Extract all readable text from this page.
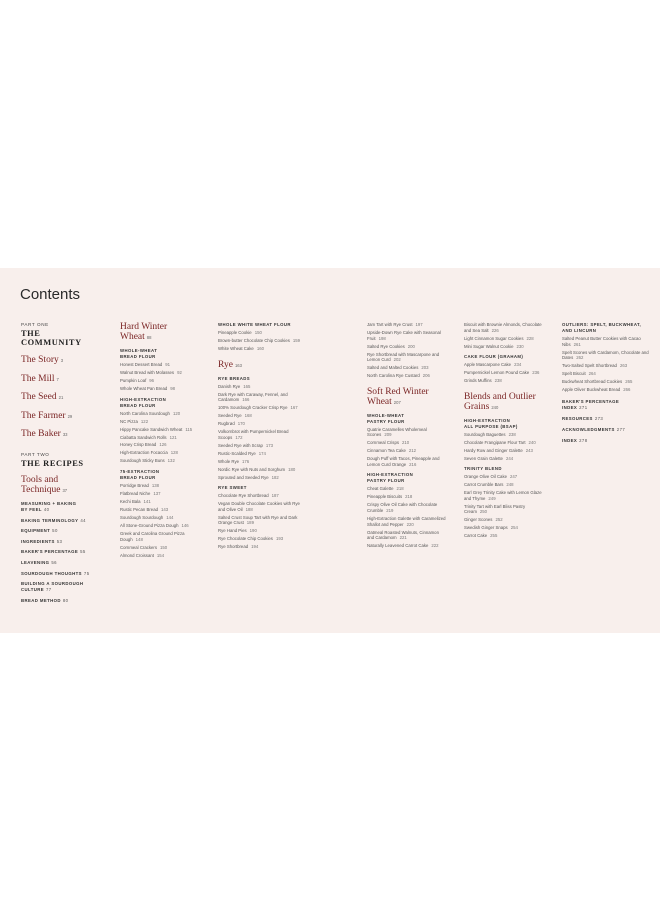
Contents
PART ONE
THE COMMUNITY
The Story 3
The Mill 7
The Seed 21
The Farmer 29
The Baker 33
PART TWO
THE RECIPES
Tools and
Technique 37
MEASURING + BAKING
BY FEEL 40
BAKING TERMINOLOGY 44
EQUIPMENT 50
INGREDIENTS 53
BAKER'S PERCENTAGE 55
LEAVENING 56
SOURDOUGH THOUGHTS 75
BUILDING A SOURDOUGH
CULTURE 77
BREAD METHOD 80
Hard Winter
Wheat 88
WHOLE-WHEAT
BREAD FLOUR
Honest Dessert Bread 91
Walnut Bread with Molasses 92
Pumpkin Loaf 96
Whole Wheat Pan Bread 98
HIGH-EXTRACTION
BREAD FLOUR
North Carolina Sourdough 120
NC Pizza 122
Hippy Pancake Sandwich Wheat 115
Ciabatta Sandwich Rolls 121
Honey Crisp Bread 126
High-Extraction Focaccia 128
Sourdough Sticky Buns 132
75-EXTRACTION
BREAD FLOUR
Porridge Bread 138
Flatbread Niche 137
Kechi Bala 141
Rustic Pecan Bread 143
Sourdough Sourdough 144
All Stone-Ground Pizza Dough 146
Greek and Carolina Ground Pizza Dough 148
Cornmeal Crackers 150
Almond Croissant 154
WHOLE WHITE WHEAT FLOUR
Pineapple Cookie 150
Brown-butter Chocolate Chip Cookies 159
White Wheat Cake 160
Rye 163
RYE BREADS
Danish Rye 165
Dark Rye with Caraway, Fennel, and Cardamom 166
100% Sourdough Cracker Crisp Rye 167
Seeded Rye 168
Rugbrød 170
Volkornbrot with Pumpernickel Bread Scoops 172
Seeded Rye with Scrap 173
Rustic-Scalded Rye 174
Whole Rye 176
Nordic Rye with Nuts and Sorghum 180
Sprouted and Seeded Rye 182
RYE SWEET
Chocolate Rye Shortbread 187
Vegan Double Chocolate Cookies with Rye and Olive Oil 188
Salted Crust Soup Tart with Rye and Dark Orange Crust 189
Rye Hand Pies 190
Rye Chocolate Chip Cookies 193
Rye Shortbread 194
Jam Tart with Rye Crust 197
Upside-Down Rye Cake with Seasonal Fruit 198
Salted Rye Cookies 200
Rye Shortbread with Mascarpone and Lemon Curd 202
Salted and Malted Cookies 203
North Carolina Rye Custard 206
Soft Red Winter
Wheat 207
WHOLE-WHEAT
PASTRY FLOUR
Quatrie Caramelles Wholemeal Scones 209
Cornmeal Crisps 210
Cinnamon Tea Cake 212
Dough Puff with Tacos, Pineapple and Lemon Curd Orange 216
HIGH-EXTRACTION
PASTRY FLOUR
Cheat Galette 218
Pineapple Biscuits 218
Crispy Olive Oil Cake with Chocolate Crumble 219
High-Extraction Galette with Caramelized Shallot and Pepper 220
Oatmeal Roasted Walnuts, Cinnamon and Cardamom 221
Naturally Leavened Carrot Cake 222
Biscuit with Brownie Almonds, Chocolate and Sea Salt 226
Light Cinnamon Sugar Cookies 228
Mini Sugar Walnut Cookie 230
CAKE FLOUR (GRAHAM)
Apple Mascarpone Cake 234
Pumpernickel Lemon Pound Cake 236
Grinds Muffins 238
Blends and Outlier
Grains 240
HIGH-EXTRACTION
ALL PURPOSE (BSAP)
Sourdough Baguettes 238
Chocolate Frangipane Flour Tart 240
Hardy Row and Ginger Galette 243
Seven Grain Galette 244
TRINITY BLEND
Orange Olive Oil Cake 247
Carrot Crumble Bars 248
Earl Grey Trinity Cake with Lemon Glaze and Thyme 249
Trinity Tart with Earl Bliss Pastry Cream 250
Ginger Scones 252
Swedish Ginger Snaps 254
Carrot Cake 255
OUTLIERS: SPELT, BUCKWHEAT,
AND LINCURN
Salted Peanut Butter Cookies with Cacao Nibs 261
Spelt Scones with Cardamom, Chocolate and Dates 262
Two-Salted Spelt Shortbread 263
Spelt Biscuit 264
Buckwheat Shortbread Cookies 265
Apple Oliver Buckwheat Bread 266
BAKER'S PERCENTAGE
INDEX 271
RESOURCES 273
ACKNOWLEDGMENTS 277
INDEX 278
